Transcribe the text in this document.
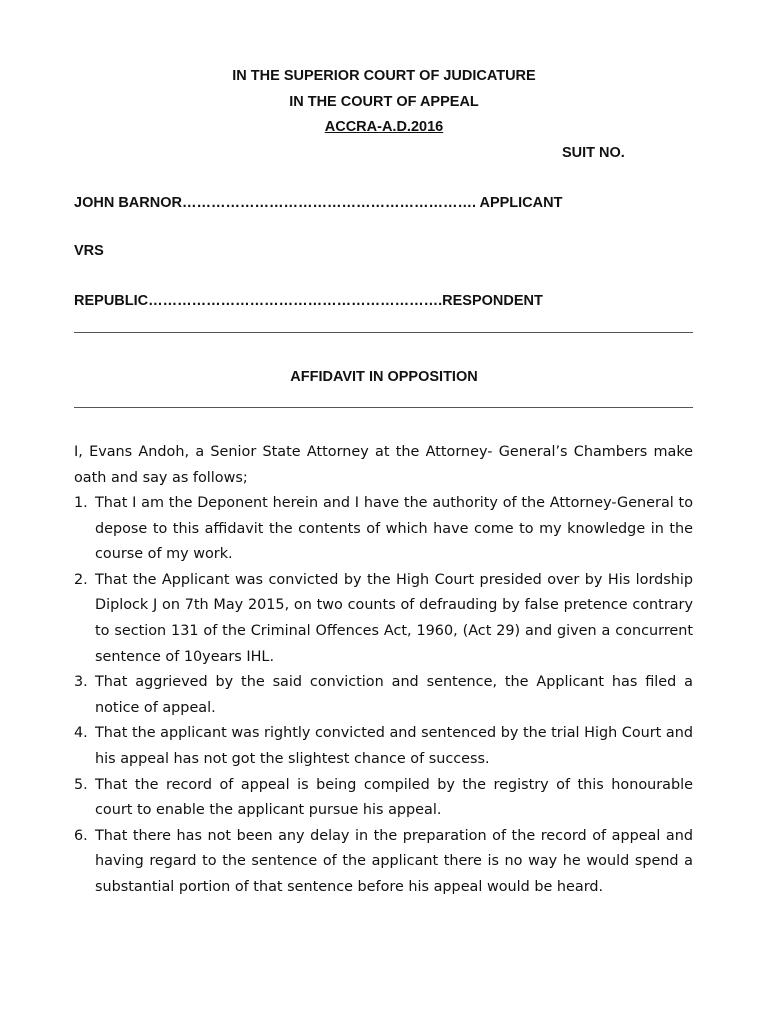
IN THE SUPERIOR COURT OF JUDICATURE
IN THE COURT OF APPEAL
ACCRA-A.D.2016
SUIT NO.
JOHN BARNOR……………………………………………………. APPLICANT
VRS
REPUBLIC…………………………………………………….RESPONDENT
AFFIDAVIT IN OPPOSITION

I, Evans Andoh, a Senior State Attorney at the Attorney- General’s Chambers make oath and say as follows;

1. That I am the Deponent herein and I have the authority of the Attorney-General to depose to this affidavit the contents of which have come to my knowledge in the course of my work.
2. That the Applicant was convicted by the High Court presided over by His lordship Diplock J on 7th May 2015, on two counts of defrauding by false pretence contrary to section 131 of the Criminal Offences Act, 1960, (Act 29) and given a concurrent sentence of 10years IHL.
3. That aggrieved by the said conviction and sentence, the Applicant has filed a notice of appeal.
4. That the applicant was rightly convicted and sentenced by the trial High Court and his appeal has not got the slightest chance of success.
5. That the record of appeal is being compiled by the registry of this honourable court to enable the applicant pursue his appeal.
6. That there has not been any delay in the preparation of the record of appeal and having regard to the sentence of the applicant there is no way he would spend a substantial portion of that sentence before his appeal would be heard.
